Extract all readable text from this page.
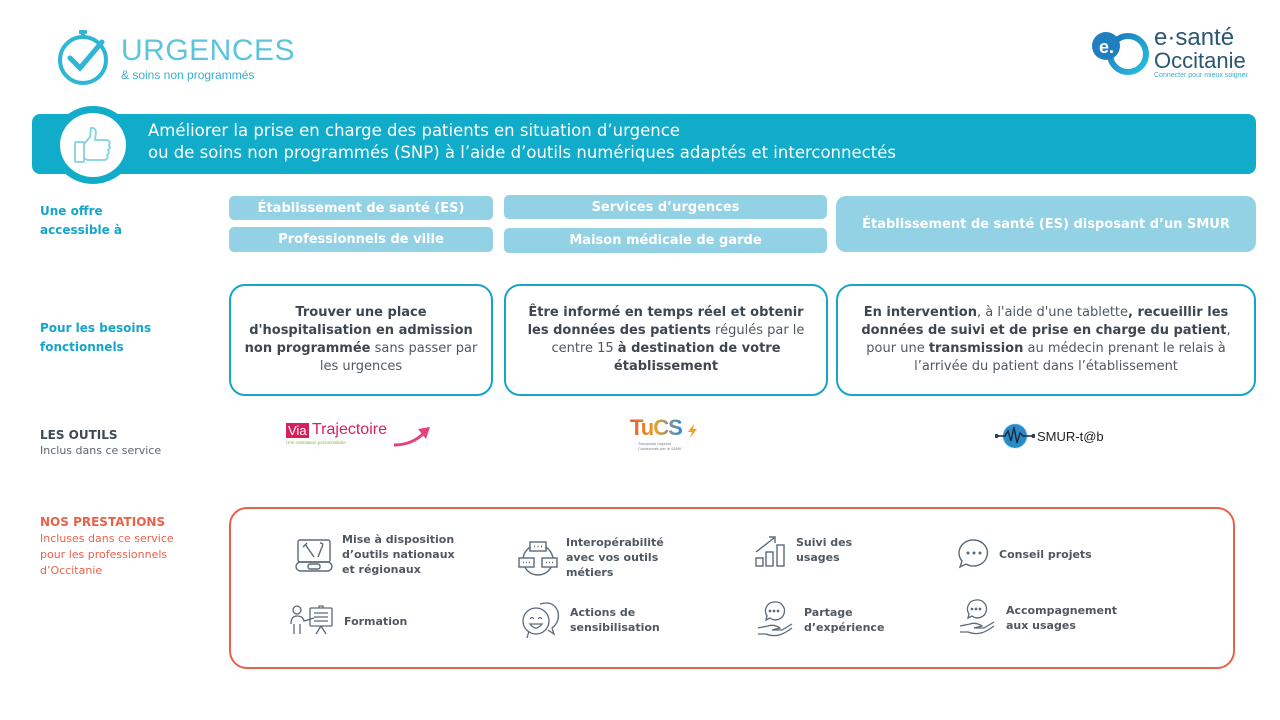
URGENCES
& soins non programmés
e. e·santé
Occitanie
Connecter pour mieux soigner
Améliorer la prise en charge des patients en situation d’urgence
ou de soins non programmés (SNP) à l’aide d’outils numériques adaptés et interconnectés
Une offre
accessible à
Pour les besoins
fonctionnels
LES OUTILS
Inclus dans ce service
NOS PRESTATIONS
Incluses dans ce service
pour les professionnels
d’Occitanie
Établissement de santé (ES)
Professionnels de ville
Services d’urgences
Maison médicale de garde
Établissement de santé (ES) disposant d’un SMUR
Trouver une place d'hospitalisation en admission non programmée sans passer par les urgences
Être informé en temps réel et obtenir les données des patients régulés par le centre 15 à destination de votre établissement
En intervention, à l'aide d'une tablette, recueillir les données de suivi et de prise en charge du patient, pour une transmission au médecin prenant le relais à l’arrivée du patient dans l’établissement
Via Trajectoire
Une orientation personnalisée
TuCS
Transports Urgents
Coordonnés par le SAMU
SMUR-t@b
Mise à disposition
d’outils nationaux
et régionaux
Interopérabilité
avec vos outils
métiers
Suivi des
usages	Conseil projets
Formation
Actions de
sensibilisation
Partage
d’expérience
Accompagnement
aux usages
